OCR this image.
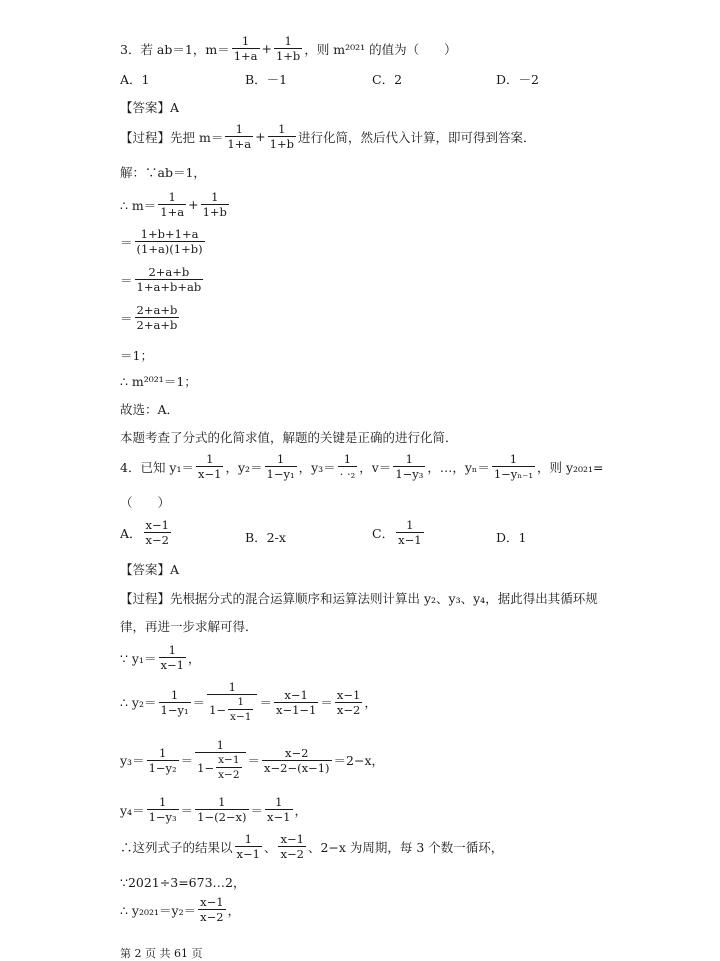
3．若 ab＝1，$m= \frac{1}{1+a} + \frac{1}{1+b}$ ，则 m²⁰²¹ 的值为（　　）
A．1	B．－1	C．2	D．－2
【答案】A
【过程】先把 $m= \frac{1}{1+a} + \frac{1}{1+b}$ 进行化简，然后代入计算，即可得到答案．
解：∵ab＝1，
∴ $m= \frac{1}{1+a} + \frac{1}{1+b}$
＝ $\frac{1+b+1+a}{(1+a)(1+b)}$
＝ $\frac{2+a+b}{1+a+b+ab}$
＝ $\frac{2+a+b}{2+a+b}$
＝1；
∴ m²⁰²¹＝1；
故选：A．
本题考查了分式的化简求值，解题的关键是正确的进行化简．
4．已知 $y_1= \frac{1}{x-1}$ ，$y_2= \frac{1}{\text{1−y₁}}$ ，$y_3= \frac{1}{\text{· ·₂}}$ ，$v= \frac{1}{\text{1−y₃}}$ ，…，$y_n= \frac{1}{\text{1−yₙ₋₁}}$ ，则 y₂₀₂₁=
（　　）
A． $\frac{x-1}{x-2}$	B．2-x	C． $\frac{1}{x-1}$	D．1
【答案】A
【过程】先根据分式的混合运算顺序和运算法则计算出 y₂、y₃、y₄，据此得出其循环规
律，再进一步求解可得．
∵ $y_1= \frac{1}{x-1}$ ，
∴ $y_2= \frac{1}{\text{1−y₁}} = \frac{1}{1- \frac{1}{x-1}} = \frac{x-1}{x-1-1} = \frac{x-1}{x-2}$ ，
$y_3= \frac{1}{\text{1−y₂}} = \frac{1}{1- \frac{x-1}{x-2}} = \frac{x-2}{x-2-(x-1)} =2-x$，
$y_4= \frac{1}{\text{1−y₃}} = \frac{1}{1-(2-x)} = \frac{1}{x-1}$ ，
∴这列式子的结果以 $\frac{1}{x-1}$ 、 $\frac{x-1}{x-2}$ 、2−x 为周期，每 3 个数一循环，
∵2021÷3=673…2，
∴ $y_{2021}=y_2= \frac{x-1}{x-2}$ ，
第 2 页 共 61 页
